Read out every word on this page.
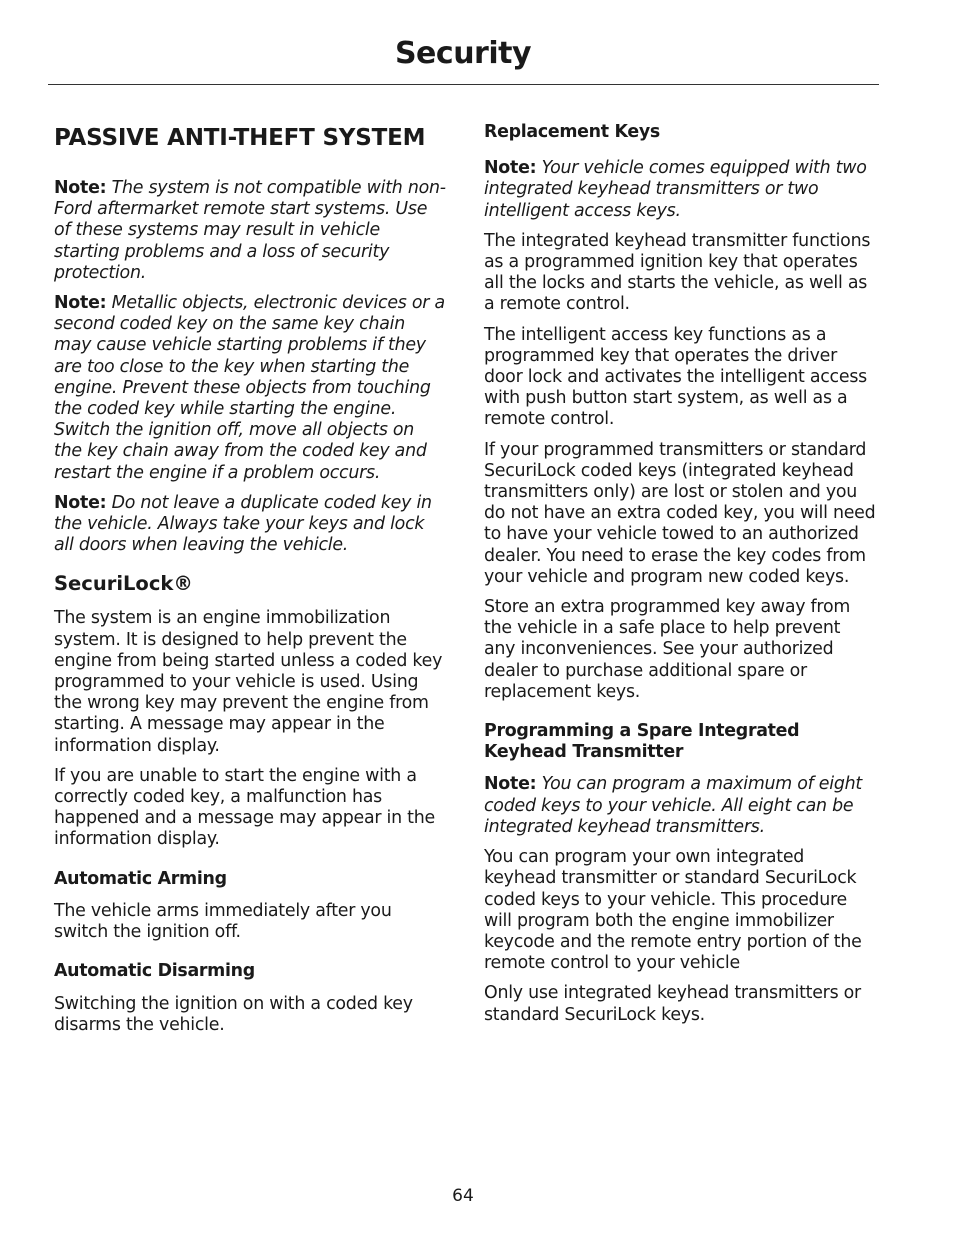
Security
PASSIVE ANTI-THEFT SYSTEM

Note: The system is not compatible with non-Ford aftermarket remote start systems. Use of these systems may result in vehicle starting problems and a loss of security protection.

Note: Metallic objects, electronic devices or a second coded key on the same key chain may cause vehicle starting problems if they are too close to the key when starting the engine. Prevent these objects from touching the coded key while starting the engine. Switch the ignition off, move all objects on the key chain away from the coded key and restart the engine if a problem occurs.

Note: Do not leave a duplicate coded key in the vehicle. Always take your keys and lock all doors when leaving the vehicle.

SecuriLock®

The system is an engine immobilization system. It is designed to help prevent the engine from being started unless a coded key programmed to your vehicle is used. Using the wrong key may prevent the engine from starting. A message may appear in the information display.

If you are unable to start the engine with a correctly coded key, a malfunction has happened and a message may appear in the information display.

Automatic Arming

The vehicle arms immediately after you switch the ignition off.

Automatic Disarming

Switching the ignition on with a coded key disarms the vehicle.

Replacement Keys

Note: Your vehicle comes equipped with two integrated keyhead transmitters or two intelligent access keys.

The integrated keyhead transmitter functions as a programmed ignition key that operates all the locks and starts the vehicle, as well as a remote control.

The intelligent access key functions as a programmed key that operates the driver door lock and activates the intelligent access with push button start system, as well as a remote control.

If your programmed transmitters or standard SecuriLock coded keys (integrated keyhead transmitters only) are lost or stolen and you do not have an extra coded key, you will need to have your vehicle towed to an authorized dealer. You need to erase the key codes from your vehicle and program new coded keys.

Store an extra programmed key away from the vehicle in a safe place to help prevent any inconveniences. See your authorized dealer to purchase additional spare or replacement keys.

Programming a Spare Integrated Keyhead Transmitter

Note: You can program a maximum of eight coded keys to your vehicle. All eight can be integrated keyhead transmitters.

You can program your own integrated keyhead transmitter or standard SecuriLock coded keys to your vehicle. This procedure will program both the engine immobilizer keycode and the remote entry portion of the remote control to your vehicle

Only use integrated keyhead transmitters or standard SecuriLock keys.

64
